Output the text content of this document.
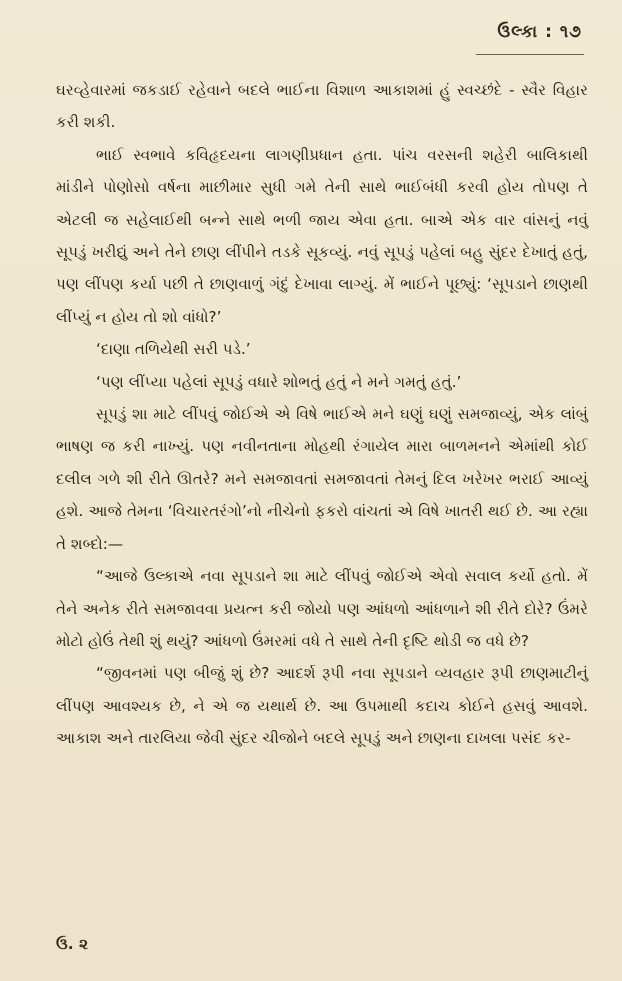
ઉલ્કા : ૧૭

ઘરવ્હેવારમાં જકડાઈ રહેવાને બદલે ભાઈના વિશાળ આકાશમાં હું સ્વચ્છંદે - સ્વૈર વિહાર કરી શકી.

ભાઈ સ્વભાવે કવિહૃદયના લાગણીપ્રધાન હતા. પાંચ વરસની શહેરી બાલિકાથી માંડીને પોણોસો વર્ષના માછીમાર સુધી ગમે તેની સાથે ભાઈબંધી કરવી હોય તોપણ તે એટલી જ સહેલાઈથી બન્ને સાથે ભળી જાય એવા હતા. બાએ એક વાર વાંસનું નવું સૂપડું ખરીદ્યું અને તેને છાણ લીંપીને તડકે સૂકવ્યું. નવું સૂપડું પહેલાં બહુ સુંદર દેખાતું હતું, પણ લીંપણ કર્યા પછી તે છાણવાળું ગંદું દેખાવા લાગ્યું. મેં ભાઈને પૂછ્યું: ‘સૂપડાને છાણથી લીંપ્યું ન હોય તો શો વાંધો?’

‘દાણા તળિયેથી સરી પડે.’

‘પણ લીંપ્યા પહેલાં સૂપડું વધારે શોભતું હતું ને મને ગમતું હતું.’

સૂપડું શા માટે લીંપવું જોઈએ એ વિષે ભાઈએ મને ઘણું ઘણું સમજાવ્યું, એક લાંબું ભાષણ જ કરી નાખ્યું. પણ નવીનતાના મોહથી રંગાયેલ મારા બાળમનને એમાંથી કોઈ દલીલ ગળે શી રીતે ઊતરે? મને સમજાવતાં સમજાવતાં તેમનું દિલ ખરેખર ભરાઈ આવ્યું હશે. આજે તેમના ‘વિચારતરંગો’નો નીચેનો ફકરો વાંચતાં એ વિષે ખાતરી થઈ છે. આ રહ્યા તે શબ્દો:—

“આજે ઉલ્કાએ નવા સૂપડાને શા માટે લીંપવું જોઈએ એવો સવાલ કર્યો હતો. મેં તેને અનેક રીતે સમજાવવા પ્રયત્ન કરી જોયો પણ આંધળો આંધળાને શી રીતે દોરે? ઉંમરે મોટો હોઉં તેથી શું થયું? આંધળો ઉંમરમાં વધે તે સાથે તેની દૃષ્ટિ થોડી જ વધે છે?

“જીવનમાં પણ બીજું શું છે? આદર્શ રૂપી નવા સૂપડાને વ્યવહાર રૂપી છાણમાટીનું લીંપણ આવશ્યક છે, ને એ જ યથાર્થ છે. આ ઉપમાથી કદાચ કોઈને હસવું આવશે. આકાશ અને તારલિયા જેવી સુંદર ચીજોને બદલે સૂપડું અને છાણના દાખલા પસંદ કર-

ઉ. ૨
